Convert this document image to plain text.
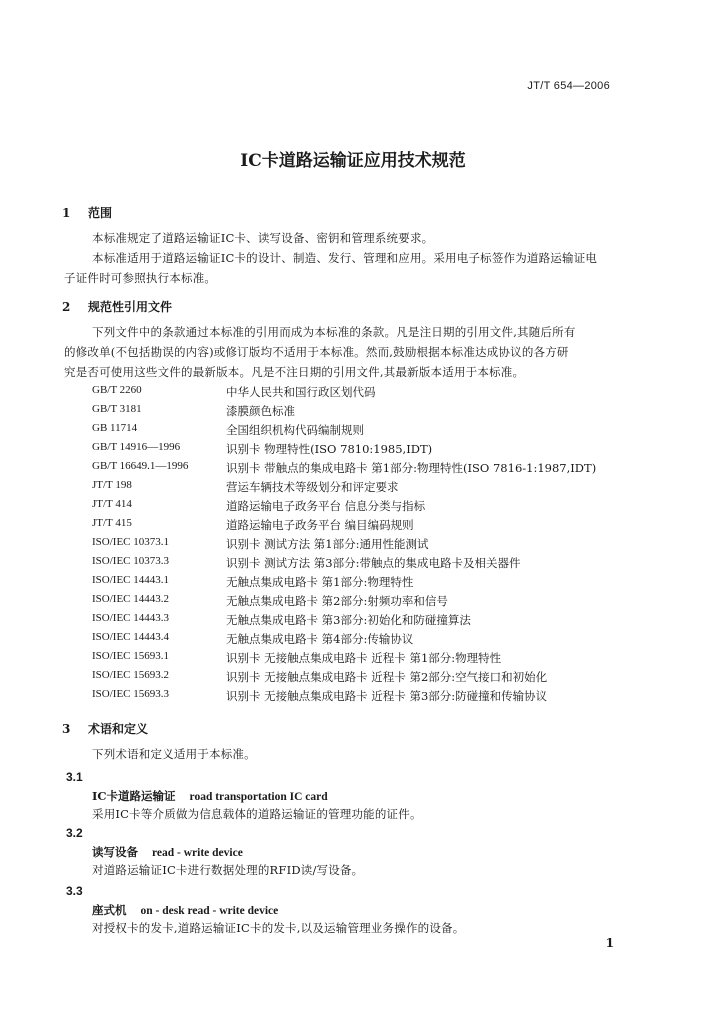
JT/T 654—2006
IC卡道路运输证应用技术规范
1 范围
本标准规定了道路运输证IC卡、读写设备、密钥和管理系统要求。
本标准适用于道路运输证IC卡的设计、制造、发行、管理和应用。采用电子标签作为道路运输证电
子证件时可参照执行本标准。
2 规范性引用文件
下列文件中的条款通过本标准的引用而成为本标准的条款。凡是注日期的引用文件,其随后所有
的修改单(不包括勘误的内容)或修订版均不适用于本标准。然而,鼓励根据本标准达成协议的各方研
究是否可使用这些文件的最新版本。凡是不注日期的引用文件,其最新版本适用于本标准。
GB/T 2260	中华人民共和国行政区划代码
GB/T 3181	漆膜颜色标准
GB 11714	全国组织机构代码编制规则
GB/T 14916—1996	识别卡 物理特性(ISO 7810:1985,IDT)
GB/T 16649.1—1996	识别卡 带触点的集成电路卡 第1部分:物理特性(ISO 7816-1:1987,IDT)
JT/T 198	营运车辆技术等级划分和评定要求
JT/T 414	道路运输电子政务平台 信息分类与指标
JT/T 415	道路运输电子政务平台 编目编码规则
ISO/IEC 10373.1	识别卡 测试方法 第1部分:通用性能测试
ISO/IEC 10373.3	识别卡 测试方法 第3部分:带触点的集成电路卡及相关器件
ISO/IEC 14443.1	无触点集成电路卡 第1部分:物理特性
ISO/IEC 14443.2	无触点集成电路卡 第2部分:射频功率和信号
ISO/IEC 14443.3	无触点集成电路卡 第3部分:初始化和防碰撞算法
ISO/IEC 14443.4	无触点集成电路卡 第4部分:传输协议
ISO/IEC 15693.1	识别卡 无接触点集成电路卡 近程卡 第1部分:物理特性
ISO/IEC 15693.2	识别卡 无接触点集成电路卡 近程卡 第2部分:空气接口和初始化
ISO/IEC 15693.3	识别卡 无接触点集成电路卡 近程卡 第3部分:防碰撞和传输协议
3 术语和定义
下列术语和定义适用于本标准。
3.1
IC卡道路运输证 road transportation IC card
采用IC卡等介质做为信息载体的道路运输证的管理功能的证件。
3.2
读写设备 read - write device
对道路运输证IC卡进行数据处理的RFID读/写设备。
3.3
座式机 on - desk read - write device
对授权卡的发卡,道路运输证IC卡的发卡,以及运输管理业务操作的设备。
1
